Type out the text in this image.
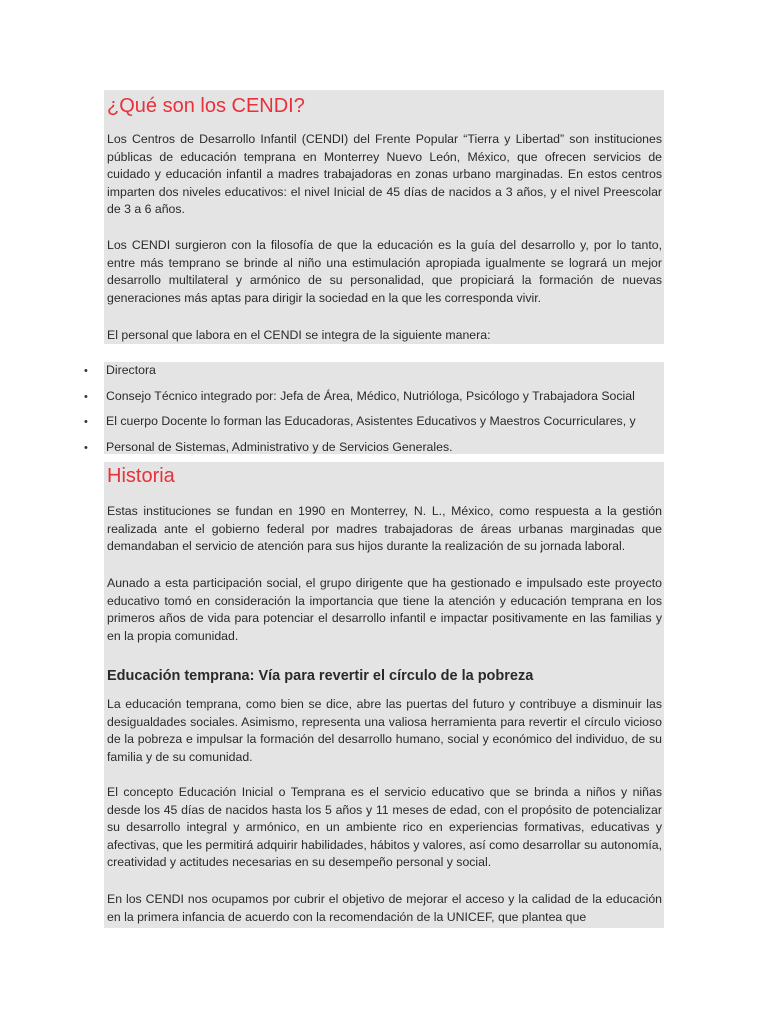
¿Qué son los CENDI?

Los Centros de Desarrollo Infantil (CENDI) del Frente Popular “Tierra y Libertad” son instituciones públicas de educación temprana en Monterrey Nuevo León, México, que ofrecen servicios de cuidado y educación infantil a madres trabajadoras en zonas urbano marginadas. En estos centros imparten dos niveles educativos: el nivel Inicial de 45 días de nacidos a 3 años, y el nivel Preescolar de 3 a 6 años.

Los CENDI surgieron con la filosofía de que la educación es la guía del desarrollo y, por lo tanto, entre más temprano se brinde al niño una estimulación apropiada igualmente se logrará un mejor desarrollo multilateral y armónico de su personalidad, que propiciará la formación de nuevas generaciones más aptas para dirigir la sociedad en la que les corresponda vivir.

El personal que labora en el CENDI se integra de la siguiente manera:

• Directora
• Consejo Técnico integrado por: Jefa de Área, Médico, Nutrióloga, Psicólogo y Trabajadora Social
• El cuerpo Docente lo forman las Educadoras, Asistentes Educativos y Maestros Cocurriculares, y
• Personal de Sistemas, Administrativo y de Servicios Generales.
Historia

Estas instituciones se fundan en 1990 en Monterrey, N. L., México, como respuesta a la gestión realizada ante el gobierno federal por madres trabajadoras de áreas urbanas marginadas que demandaban el servicio de atención para sus hijos durante la realización de su jornada laboral.

Aunado a esta participación social, el grupo dirigente que ha gestionado e impulsado este proyecto educativo tomó en consideración la importancia que tiene la atención y educación temprana en los primeros años de vida para potenciar el desarrollo infantil e impactar positivamente en las familias y en la propia comunidad.

Educación temprana: Vía para revertir el círculo de la pobreza

La educación temprana, como bien se dice, abre las puertas del futuro y contribuye a disminuir las desigualdades sociales. Asimismo, representa una valiosa herramienta para revertir el círculo vicioso de la pobreza e impulsar la formación del desarrollo humano, social y económico del individuo, de su familia y de su comunidad.

El concepto Educación Inicial o Temprana es el servicio educativo que se brinda a niños y niñas desde los 45 días de nacidos hasta los 5 años y 11 meses de edad, con el propósito de potencializar su desarrollo integral y armónico, en un ambiente rico en experiencias formativas, educativas y afectivas, que les permitirá adquirir habilidades, hábitos y valores, así como desarrollar su autonomía, creatividad y actitudes necesarias en su desempeño personal y social.

En los CENDI nos ocupamos por cubrir el objetivo de mejorar el acceso y la calidad de la educación en la primera infancia de acuerdo con la recomendación de la UNICEF, que plantea que
